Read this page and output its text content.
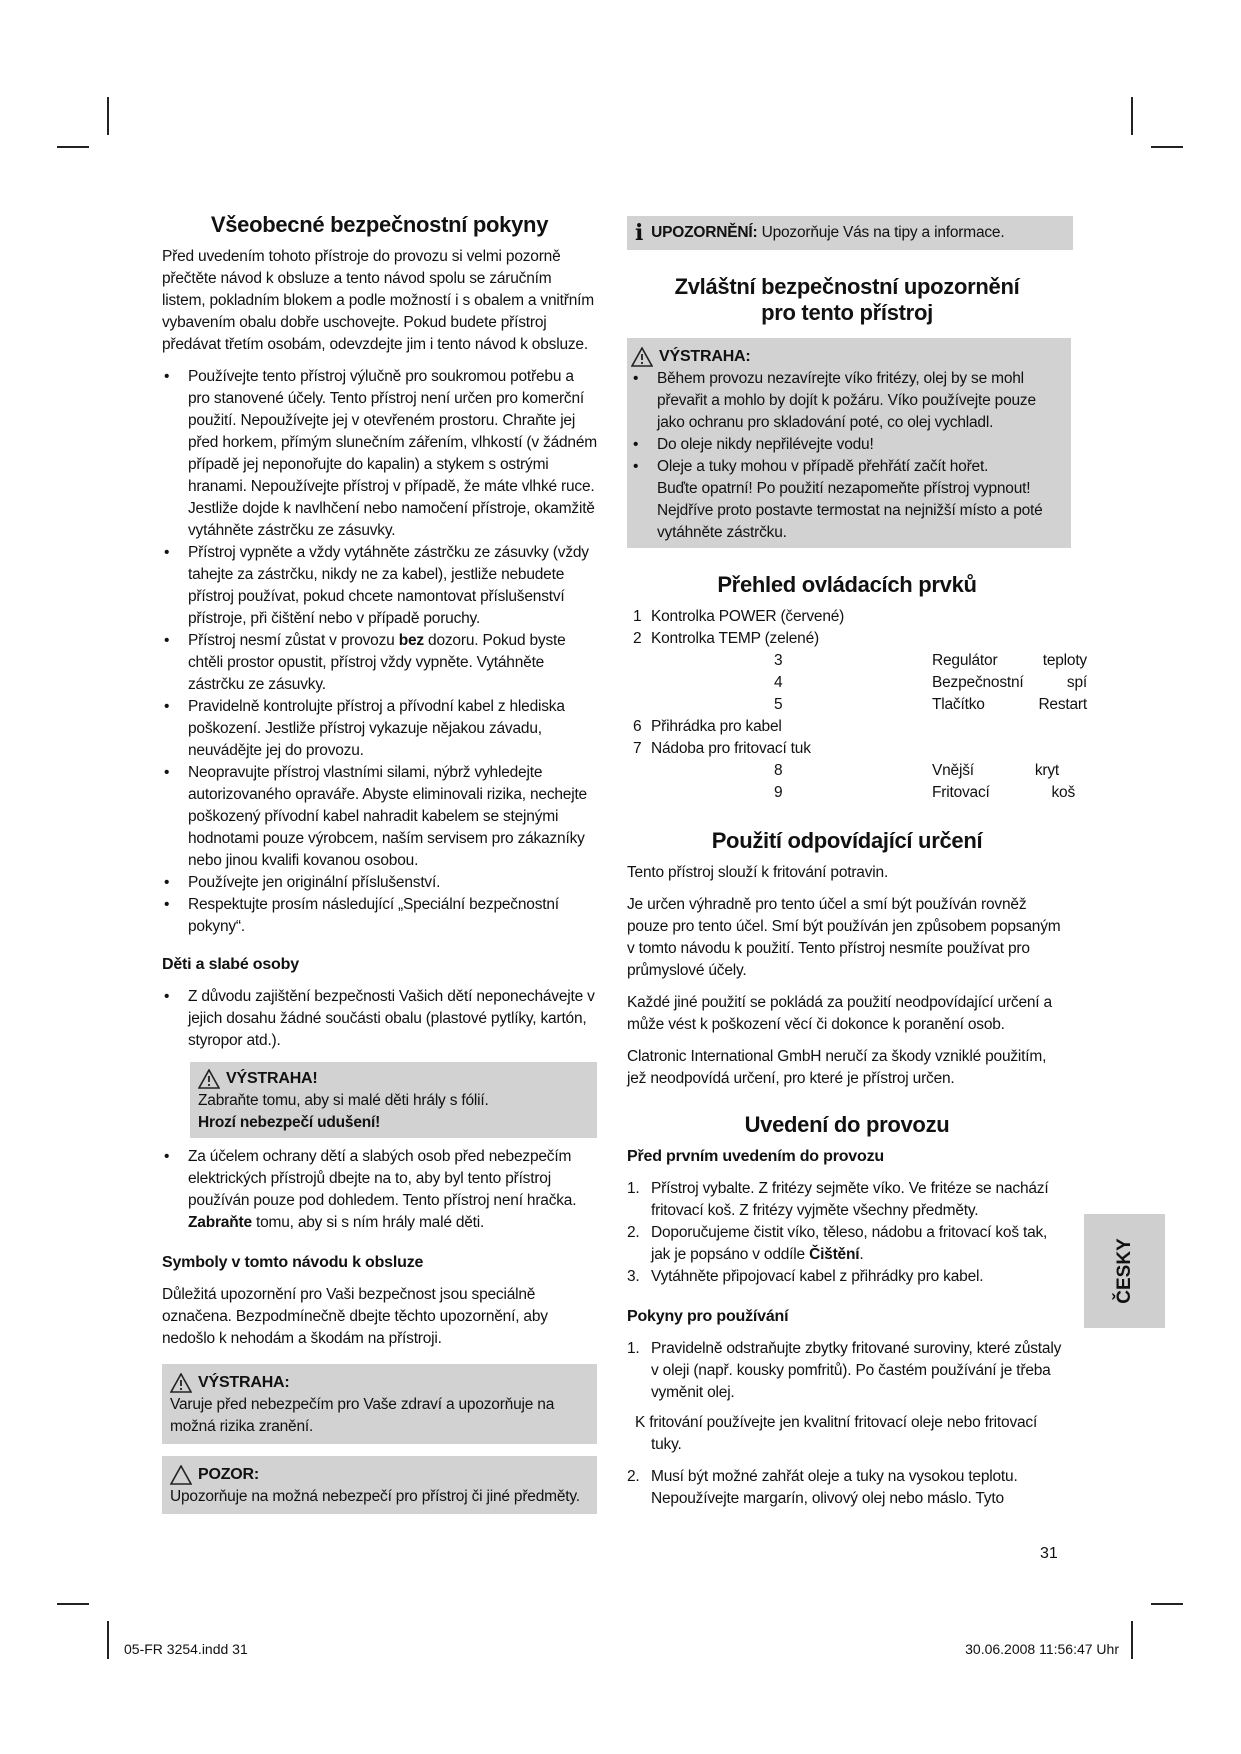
Všeobecné bezpečnostní pokyny

Před uvedením tohoto přístroje do provozu si velmi pozorně přečtěte návod k obsluze a tento návod spolu se záručním listem, pokladním blokem a podle možností i s obalem a vnitřním vybavením obalu dobře uschovejte. Pokud budete přístroj předávat třetím osobám, odevzdejte jim i tento návod k obsluze.

• Používejte tento přístroj výlučně pro soukromou potřebu a pro stanovené účely. Tento přístroj není určen pro komerční použití. Nepoužívejte jej v otevřeném prostoru. Chraňte jej před horkem, přímým slunečním zářením, vlhkostí (v žádném případě jej neponořujte do kapalin) a stykem s ostrými hranami. Nepoužívejte přístroj v případě, že máte vlhké ruce. Jestliže dojde k navlhčení nebo namočení přístroje, okamžitě vytáhněte zástrčku ze zásuvky.
• Přístroj vypněte a vždy vytáhněte zástrčku ze zásuvky (vždy tahejte za zástrčku, nikdy ne za kabel), jestliže nebudete přístroj používat, pokud chcete namontovat příslušenství přístroje, při čištění nebo v případě poruchy.
• Přístroj nesmí zůstat v provozu bez dozoru. Pokud byste chtěli prostor opustit, přístroj vždy vypněte. Vytáhněte zástrčku ze zásuvky.
• Pravidelně kontrolujte přístroj a přívodní kabel z hlediska poškození. Jestliže přístroj vykazuje nějakou závadu, neuvádějte jej do provozu.
• Neopravujte přístroj vlastními silami, nýbrž vyhledejte autorizovaného opraváře. Abyste eliminovali rizika, nechejte poškozený přívodní kabel nahradit kabelem se stejnými hodnotami pouze výrobcem, naším servisem pro zákazníky nebo jinou kvalifi kovanou osobou.
• Používejte jen originální příslušenství.
• Respektujte prosím následující „Speciální bezpečnostní pokyny“.
Děti a slabé osoby
• Z důvodu zajištění bezpečnosti Vašich dětí neponechávejte v jejich dosahu žádné součásti obalu (plastové pytlíky, kartón, styropor atd.).
VÝSTRAHA!

Zabraňte tomu, aby si malé děti hrály s fólií.

Hrozí nebezpečí udušení!

• Za účelem ochrany dětí a slabých osob před nebezpečím elektrických přístrojů dbejte na to, aby byl tento přístroj používán pouze pod dohledem. Tento přístroj není hračka. Zabraňte tomu, aby si s ním hrály malé děti.
Symboly v tomto návodu k obsluze

Důležitá upozornění pro Vaši bezpečnost jsou speciálně označena. Bezpodmínečně dbejte těchto upozornění, aby nedošlo k nehodám a škodám na přístroji.

VÝSTRAHA:

Varuje před nebezpečím pro Vaše zdraví a upozorňuje na možná rizika zranění.

POZOR:

Upozorňuje na možná nebezpečí pro přístroj či jiné předměty.

i UPOZORNĚNÍ: Upozorňuje Vás na tipy a informace.
Zvláštní bezpečnostní upozornění
pro tento přístroj
VÝSTRAHA:
• Během provozu nezavírejte víko fritézy, olej by se mohl převařit a mohlo by dojít k požáru. Víko používejte pouze jako ochranu pro skladování poté, co olej vychladl.
• Do oleje nikdy nepřilévejte vodu!
• Oleje a tuky mohou v případě přehřátí začít hořet.

Buďte opatrní! Po použití nezapomeňte přístroj vypnout! Nejdříve proto postavte termostat na nejnižší místo a poté vytáhněte zástrčku.

Přehled ovládacích prvků
1 Kontrolka POWER (červené)
2 Kontrolka TEMP (zelené)
3	Regulátor	teploty
4	Bezpečnostní	spí
5	Tlačítko	Restart
6 Přihrádka pro kabel
7 Nádoba pro fritovací tuk
8	Vnější	kryt
9	Fritovací	koš
Použití odpovídající určení

Tento přístroj slouží k fritování potravin.

Je určen výhradně pro tento účel a smí být používán rovněž pouze pro tento účel. Smí být používán jen způsobem popsaným v tomto návodu k použití. Tento přístroj nesmíte používat pro průmyslové účely.

Každé jiné použití se pokládá za použití neodpovídající určení a může vést k poškození věcí či dokonce k poranění osob.

Clatronic International GmbH neručí za škody vzniklé použitím, jež neodpovídá určení, pro které je přístroj určen.

Uvedení do provozu
Před prvním uvedením do provozu
1. Přístroj vybalte. Z fritézy sejměte víko. Ve fritéze se nachází fritovací koš. Z fritézy vyjměte všechny předměty.
2. Doporučujeme čistit víko, těleso, nádobu a fritovací koš tak, jak je popsáno v oddíle Čištění.
3. Vytáhněte připojovací kabel z přihrádky pro kabel.
Pokyny pro používání
1. Pravidelně odstraňujte zbytky fritované suroviny, které zůstaly v oleji (např. kousky pomfritů). Po častém používání je třeba vyměnit olej.

K fritování používejte jen kvalitní fritovací oleje nebo fritovací tuky.

2. Musí být možné zahřát oleje a tuky na vysokou teplotu. Nepoužívejte margarín, olivový olej nebo máslo. Tyto
ČESKY
31
05-FR 3254.indd 31	30.06.2008 11:56:47 Uhr
